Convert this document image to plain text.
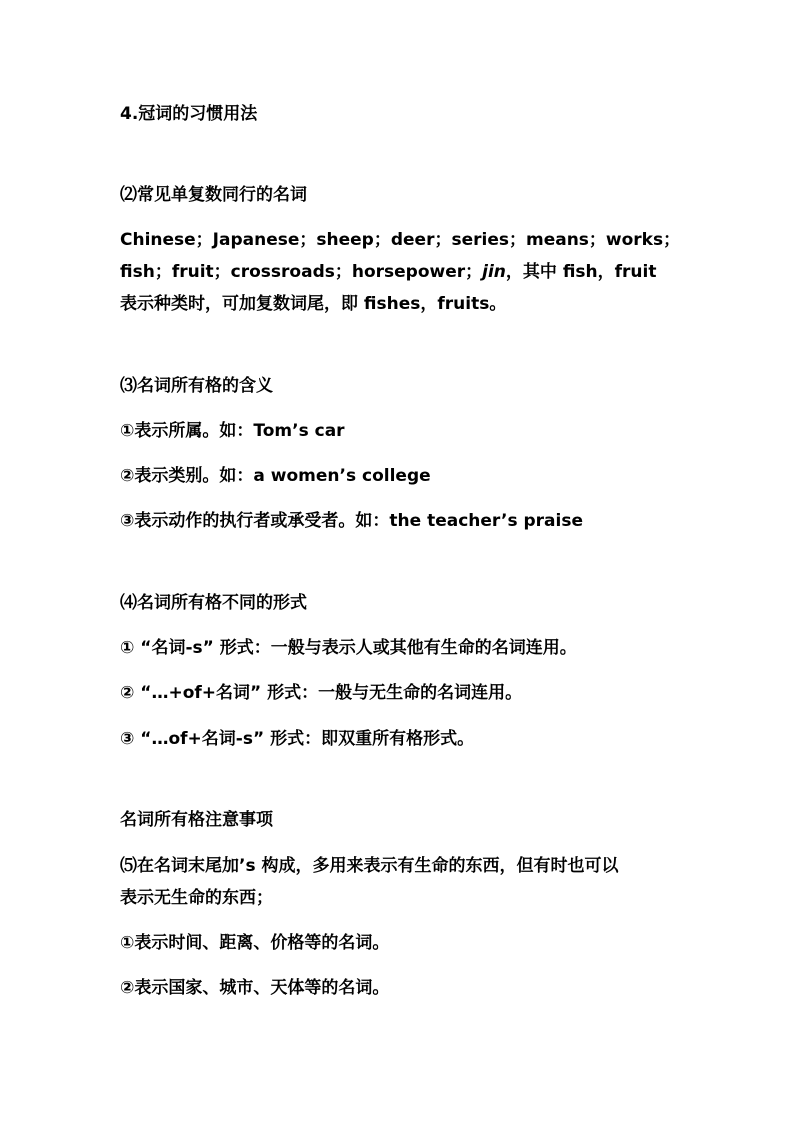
4.冠词的习惯用法
⑵常见单复数同行的名词
Chinese；Japanese；sheep；deer；series；means；works；
fish；fruit；crossroads；horsepower；jin，其中 fish，fruit
表示种类时，可加复数词尾，即 fishes，fruits。
⑶名词所有格的含义
①表示所属。如：Tom’s car
②表示类别。如：a women’s college
③表示动作的执行者或承受者。如：the teacher’s praise
⑷名词所有格不同的形式
① “名词-s” 形式：一般与表示人或其他有生命的名词连用。
② “…+of+名词” 形式：一般与无生命的名词连用。
③ “…of+名词-s” 形式：即双重所有格形式。
名词所有格注意事项
⑸在名词末尾加’s 构成，多用来表示有生命的东西，但有时也可以
表示无生命的东西；
①表示时间、距离、价格等的名词。
②表示国家、城市、天体等的名词。
